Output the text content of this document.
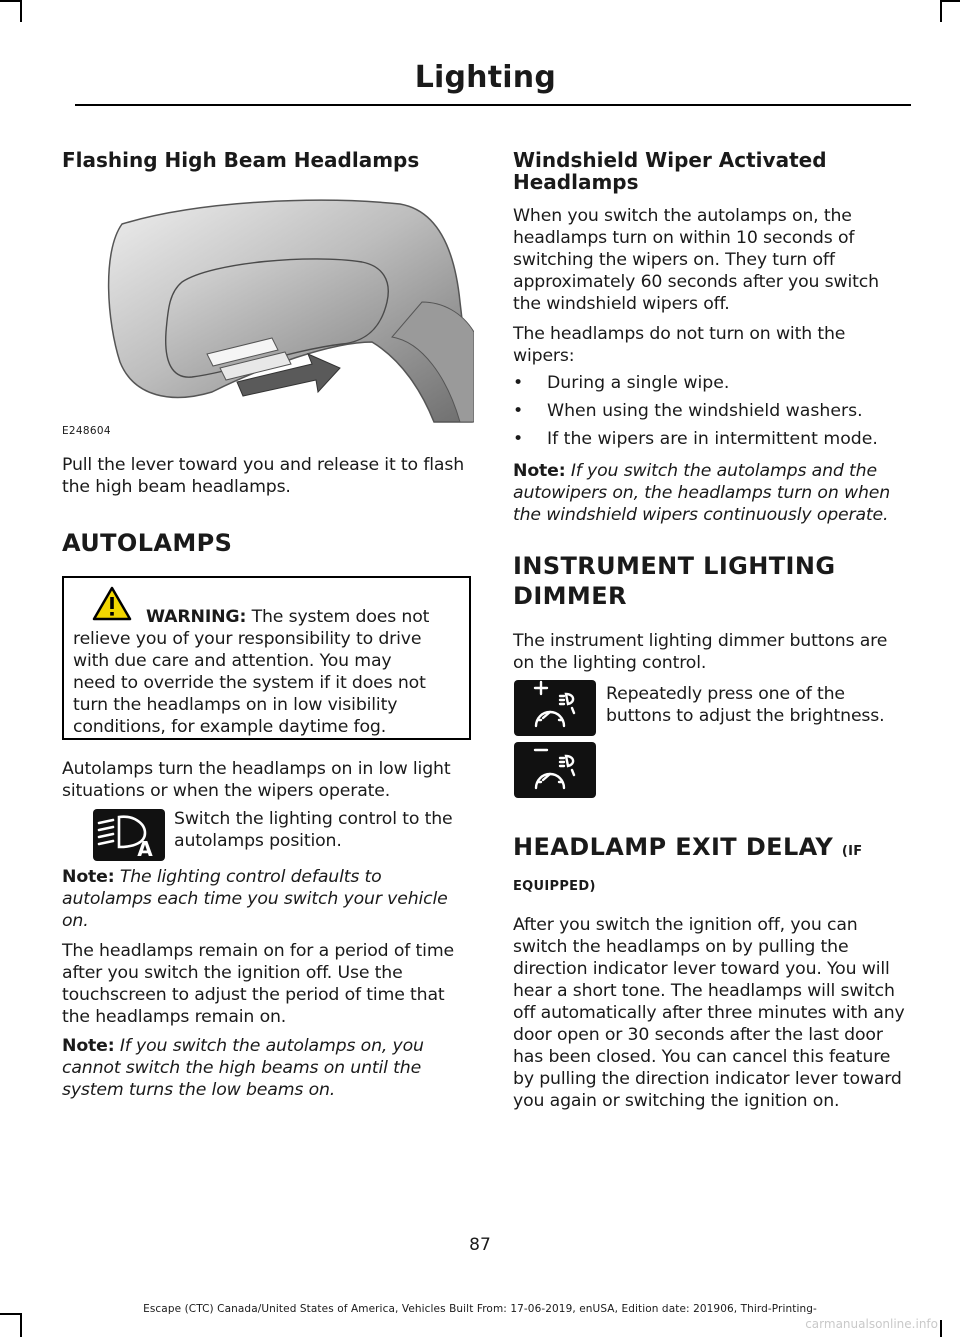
Lighting
Flashing High Beam Headlamps
E248604

Pull the lever toward you and release it to flash the high beam headlamps.

AUTOLAMPS
WARNING: The system does not
relieve you of your responsibility to drive
with due care and attention. You may
need to override the system if it does not
turn the headlamps on in low visibility
conditions, for example daytime fog.

Autolamps turn the headlamps on in low light situations or when the wipers operate.

A

Switch the lighting control to the autolamps position.

Note: The lighting control defaults to autolamps each time you switch your vehicle on.

The headlamps remain on for a period of time after you switch the ignition off. Use the touchscreen to adjust the period of time that the headlamps remain on.

Note: If you switch the autolamps on, you cannot switch the high beams on until the system turns the low beams on.

Windshield Wiper Activated Headlamps

When you switch the autolamps on, the headlamps turn on within 10 seconds of switching the wipers on. They turn off approximately 60 seconds after you switch the windshield wipers off.

The headlamps do not turn on with the wipers:

• During a single wipe.
• When using the windshield washers.
• If the wipers are in intermittent mode.

Note: If you switch the autolamps and the autowipers on, the headlamps turn on when the windshield wipers continuously operate.

INSTRUMENT LIGHTING
DIMMER

The instrument lighting dimmer buttons are on the lighting control.

Repeatedly press one of the buttons to adjust the brightness.

HEADLAMP EXIT DELAY (IF
EQUIPPED)

After you switch the ignition off, you can switch the headlamps on by pulling the direction indicator lever toward you. You will hear a short tone. The headlamps will switch off automatically after three minutes with any door open or 30 seconds after the last door has been closed. You can cancel this feature by pulling the direction indicator lever toward you again or switching the ignition on.

87
Escape (CTC) Canada/United States of America, Vehicles Built From: 17-06-2019, enUSA, Edition date: 201906, Third-Printing-
carmanualsonline.info
